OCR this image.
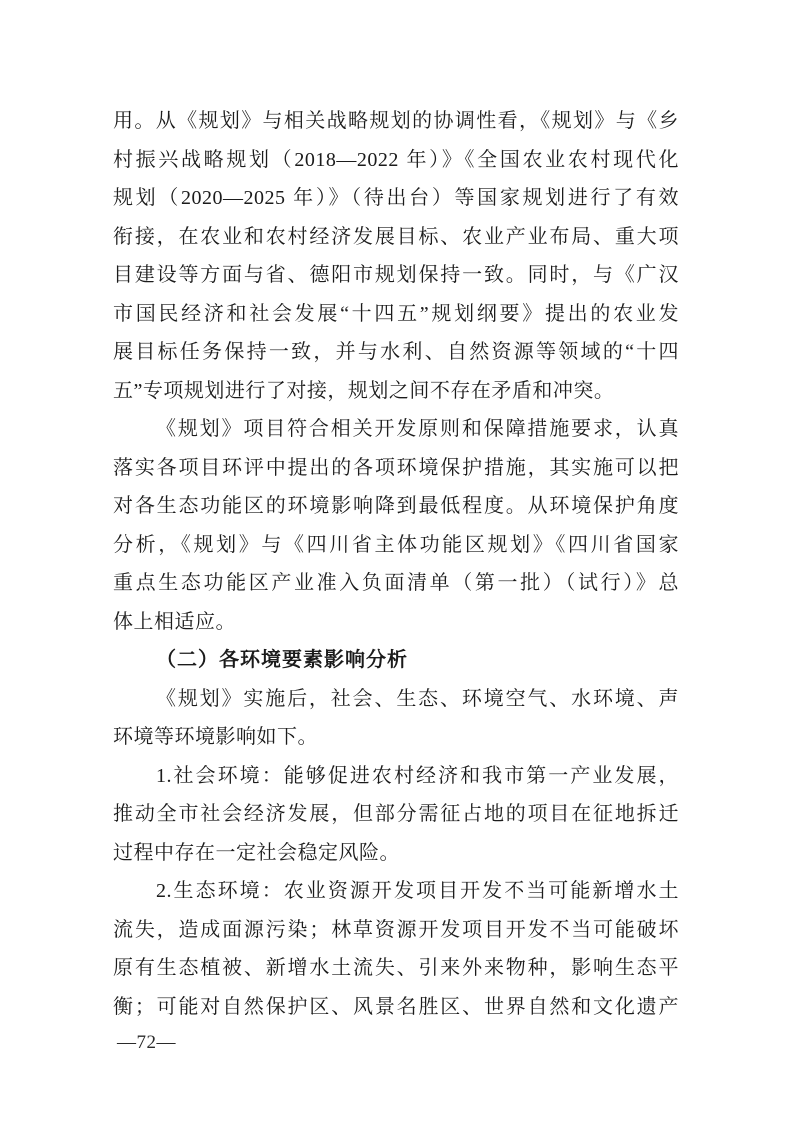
用。从《规划》与相关战略规划的协调性看，《规划》与《乡
村振兴战略规划（2018—2022 年）》《全国农业农村现代化
规划（2020—2025 年）》（待出台）等国家规划进行了有效
衔接，在农业和农村经济发展目标、农业产业布局、重大项
目建设等方面与省、德阳市规划保持一致。同时，与《广汉
市国民经济和社会发展“十四五”规划纲要》提出的农业发
展目标任务保持一致，并与水利、自然资源等领域的“十四
五”专项规划进行了对接，规划之间不存在矛盾和冲突。
《规划》项目符合相关开发原则和保障措施要求，认真
落实各项目环评中提出的各项环境保护措施，其实施可以把
对各生态功能区的环境影响降到最低程度。从环境保护角度
分析，《规划》与《四川省主体功能区规划》《四川省国家
重点生态功能区产业准入负面清单（第一批）（试行）》总
体上相适应。
（二）各环境要素影响分析
《规划》实施后，社会、生态、环境空气、水环境、声
环境等环境影响如下。
1.社会环境：能够促进农村经济和我市第一产业发展，
推动全市社会经济发展，但部分需征占地的项目在征地拆迁
过程中存在一定社会稳定风险。
2.生态环境：农业资源开发项目开发不当可能新增水土
流失，造成面源污染；林草资源开发项目开发不当可能破坏
原有生态植被、新增水土流失、引来外来物种，影响生态平
衡；可能对自然保护区、风景名胜区、世界自然和文化遗产
—72—
